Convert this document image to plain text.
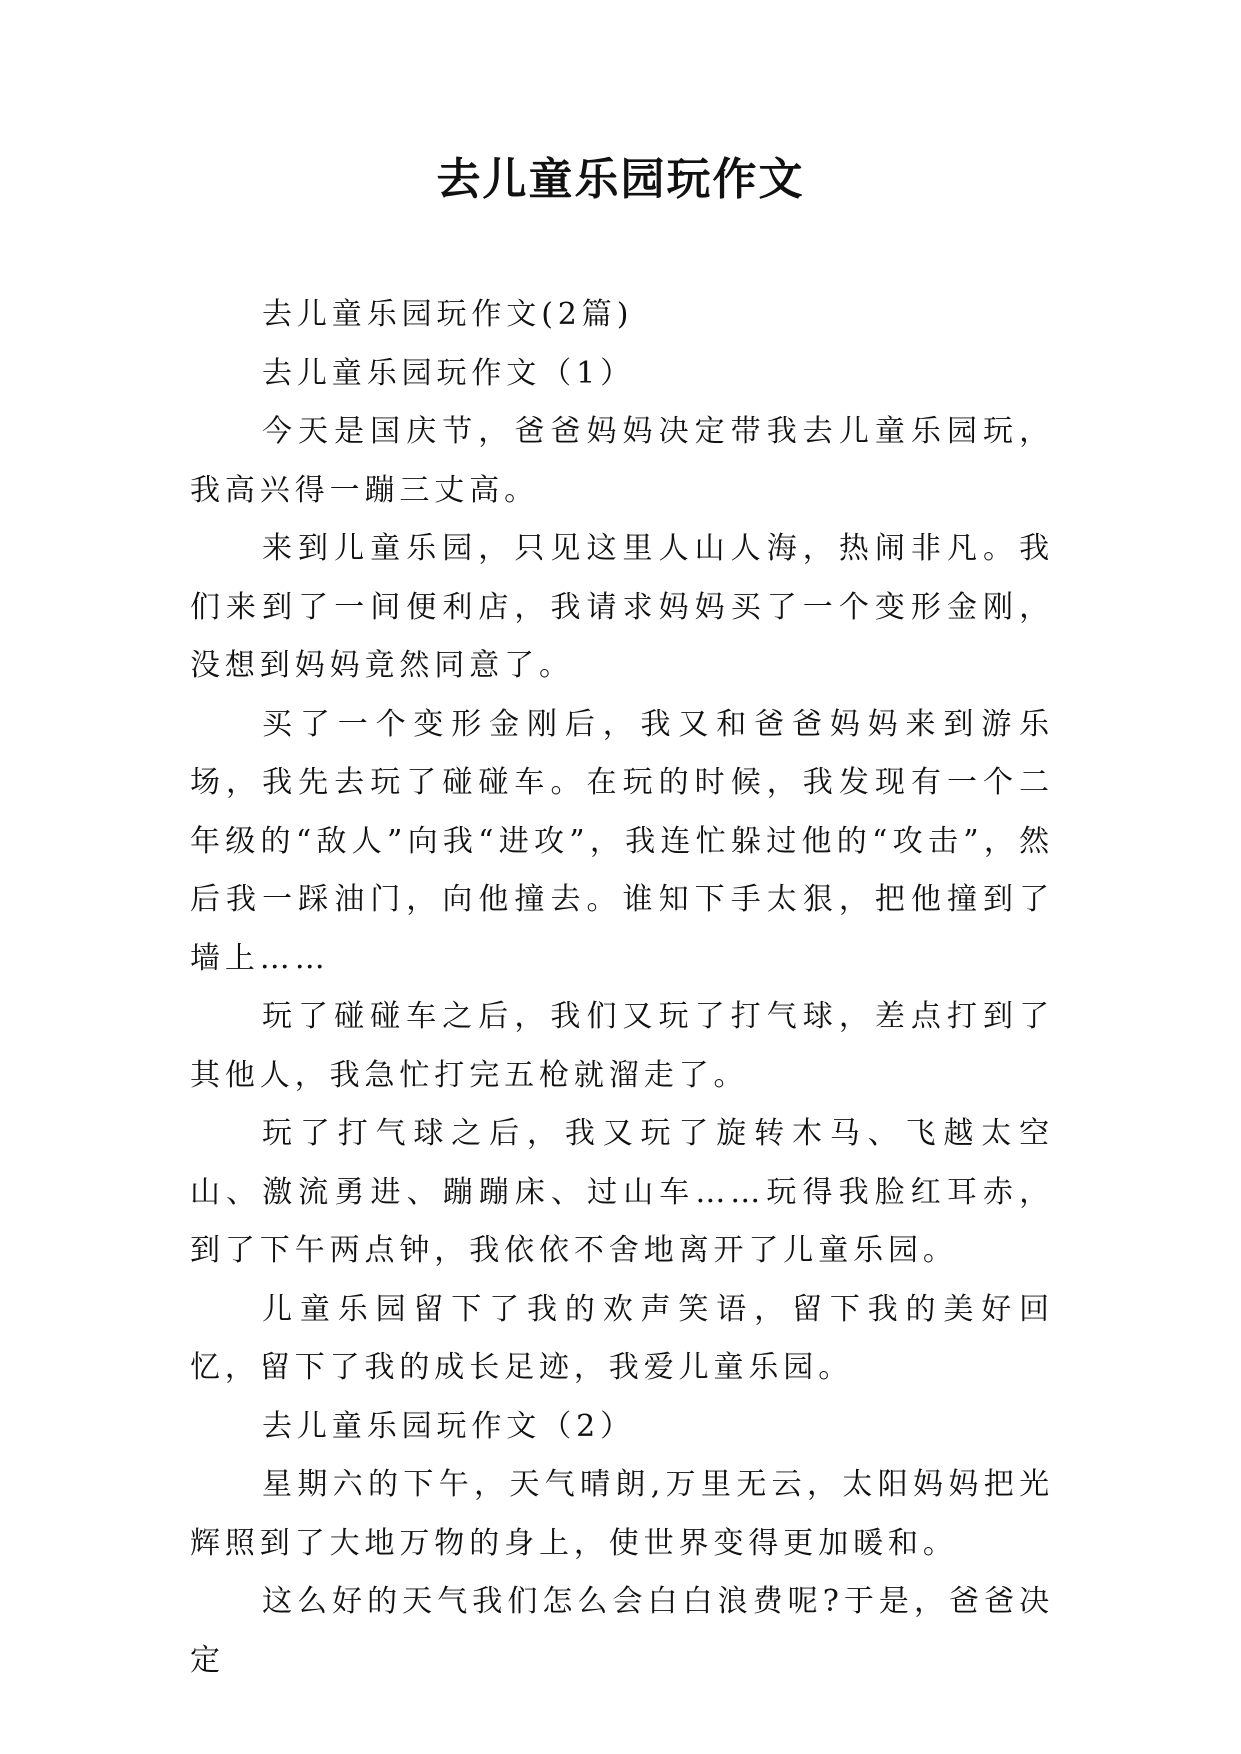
去儿童乐园玩作文

去儿童乐园玩作文(2篇)

去儿童乐园玩作文（1）

今天是国庆节，爸爸妈妈决定带我去儿童乐园玩，我高兴得一蹦三丈高。

来到儿童乐园，只见这里人山人海，热闹非凡。我们来到了一间便利店，我请求妈妈买了一个变形金刚，没想到妈妈竟然同意了。

买了一个变形金刚后，我又和爸爸妈妈来到游乐场，我先去玩了碰碰车。在玩的时候，我发现有一个二年级的“敌人”向我“进攻”，我连忙躲过他的“攻击”，然后我一踩油门，向他撞去。谁知下手太狠，把他撞到了墙上……

玩了碰碰车之后，我们又玩了打气球，差点打到了其他人，我急忙打完五枪就溜走了。

玩了打气球之后，我又玩了旋转木马、飞越太空山、激流勇进、蹦蹦床、过山车……玩得我脸红耳赤，到了下午两点钟，我依依不舍地离开了儿童乐园。

儿童乐园留下了我的欢声笑语，留下我的美好回忆，留下了我的成长足迹，我爱儿童乐园。

去儿童乐园玩作文（2）

星期六的下午，天气晴朗,万里无云，太阳妈妈把光辉照到了大地万物的身上，使世界变得更加暖和。

这么好的天气我们怎么会白白浪费呢?于是，爸爸决定
